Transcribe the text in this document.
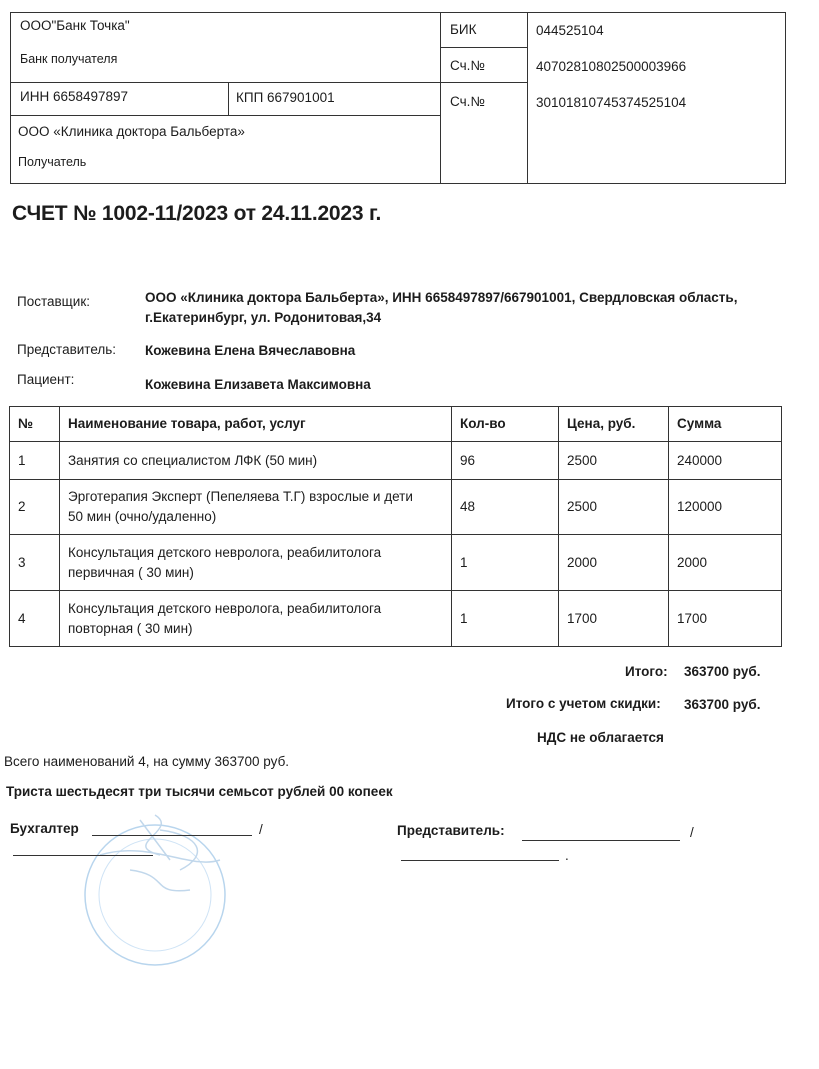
ООО"Банк Точка"
Банк получателя
БИК	044525104
Сч.№	40702810802500003966
ИНН 6658497897	КПП 667901001	Сч.№	30101810745374525104
ООО «Клиника доктора Бальберта»
Получатель
СЧЕТ № 1002-11/2023 от 24.11.2023 г.
Поставщик:	ООО «Клиника доктора Бальберта», ИНН 6658497897/667901001, Свердловская область,
г.Екатеринбург, ул. Родонитовая,34
Представитель: Кожевина Елена Вячеславовна
Пациент:	Кожевина Елизавета Максимовна
№	Наименование товара, работ, услуг	Кол-во	Цена, руб.	Сумма
1	Занятия со специалистом ЛФК (50 мин)	96	2500	240000
2	Эрготерапия Эксперт (Пепеляева Т.Г) взрослые и дети
50 мин (очно/удаленно)	48	2500	120000
3	Консультация детского невролога, реабилитолога
первичная ( 30 мин)	1	2000	2000
4	Консультация детского невролога, реабилитолога
повторная ( 30 мин)	1	1700	1700
Итого: 363700 руб.
Итого с учетом скидки: 363700 руб.
НДС не облагается
Всего наименований 4, на сумму 363700 руб.
Триста шестьдесят три тысячи семьсот рублей 00 копеек
Бухгалтер	/	Представитель:	/
.
